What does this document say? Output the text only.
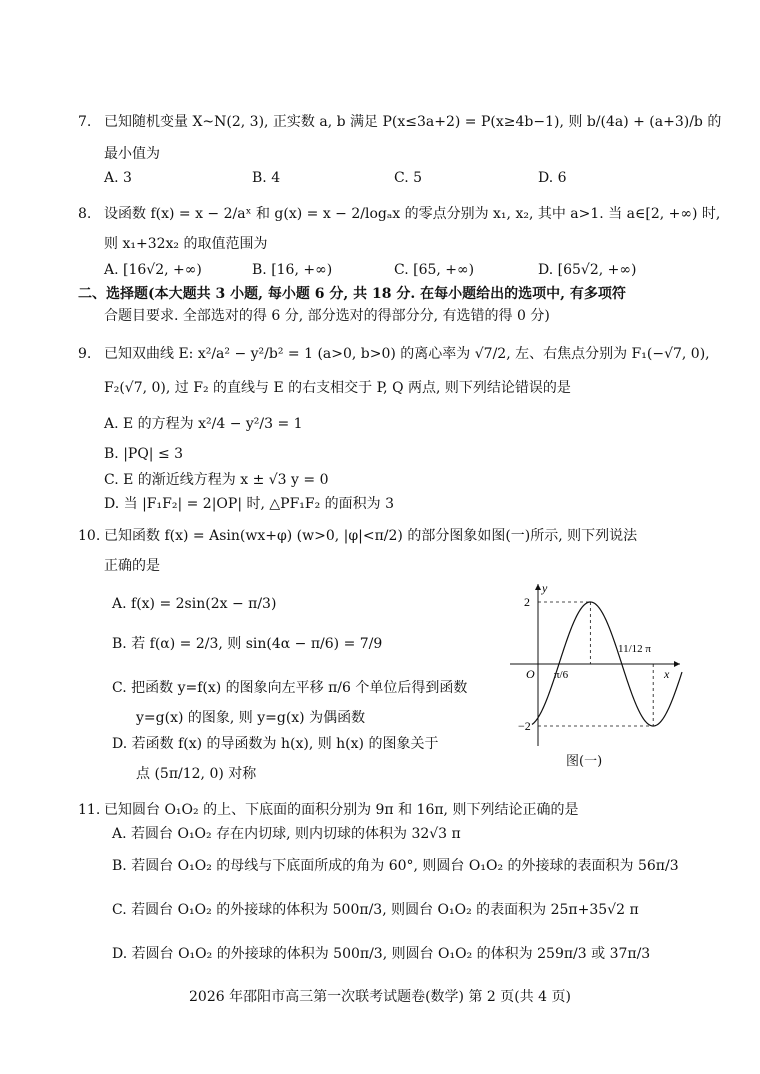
7. 已知随机变量 X~N(2, 3), 正实数 a, b 满足 P(x≤3a+2) = P(x≥4b−1), 则 b/(4a) + (a+3)/b 的
最小值为
A. 3	B. 4	C. 5	D. 6
8. 设函数 f(x) = x − 2/aˣ 和 g(x) = x − 2/logₐx 的零点分别为 x₁, x₂, 其中 a>1. 当 a∈[2, +∞) 时,
则 x₁+32x₂ 的取值范围为
A. [16√2, +∞)	B. [16, +∞)	C. [65, +∞)	D. [65√2, +∞)
二、选择题(本大题共 3 小题, 每小题 6 分, 共 18 分. 在每小题给出的选项中, 有多项符
合题目要求. 全部选对的得 6 分, 部分选对的得部分分, 有选错的得 0 分)
9. 已知双曲线 E: x²/a² − y²/b² = 1 (a>0, b>0) 的离心率为 √7/2, 左、右焦点分别为 F₁(−√7, 0),
F₂(√7, 0), 过 F₂ 的直线与 E 的右支相交于 P, Q 两点, 则下列结论错误的是
A. E 的方程为 x²/4 − y²/3 = 1
B. |PQ| ≤ 3
C. E 的渐近线方程为 x ± √3 y = 0
D. 当 |F₁F₂| = 2|OP| 时, △PF₁F₂ 的面积为 3
10. 已知函数 f(x) = Asin(wx+φ) (w>0, |φ|<π/2) 的部分图象如图(一)所示, 则下列说法
正确的是
A. f(x) = 2sin(2x − π/3)
B. 若 f(α) = 2/3, 则 sin(4α − π/6) = 7/9
C. 把函数 y=f(x) 的图象向左平移 π/6 个单位后得到函数
y=g(x) 的图象, 则 y=g(x) 为偶函数
D. 若函数 f(x) 的导函数为 h(x), 则 h(x) 的图象关于
点 (5π/12, 0) 对称
x
y
O
2
−2
π/6
11/12 π
图(一)
11. 已知圆台 O₁O₂ 的上、下底面的面积分别为 9π 和 16π, 则下列结论正确的是
A. 若圆台 O₁O₂ 存在内切球, 则内切球的体积为 32√3 π
B. 若圆台 O₁O₂ 的母线与下底面所成的角为 60°, 则圆台 O₁O₂ 的外接球的表面积为 56π/3
C. 若圆台 O₁O₂ 的外接球的体积为 500π/3, 则圆台 O₁O₂ 的表面积为 25π+35√2 π
D. 若圆台 O₁O₂ 的外接球的体积为 500π/3, 则圆台 O₁O₂ 的体积为 259π/3 或 37π/3
2026 年邵阳市高三第一次联考试题卷(数学) 第 2 页(共 4 页)
